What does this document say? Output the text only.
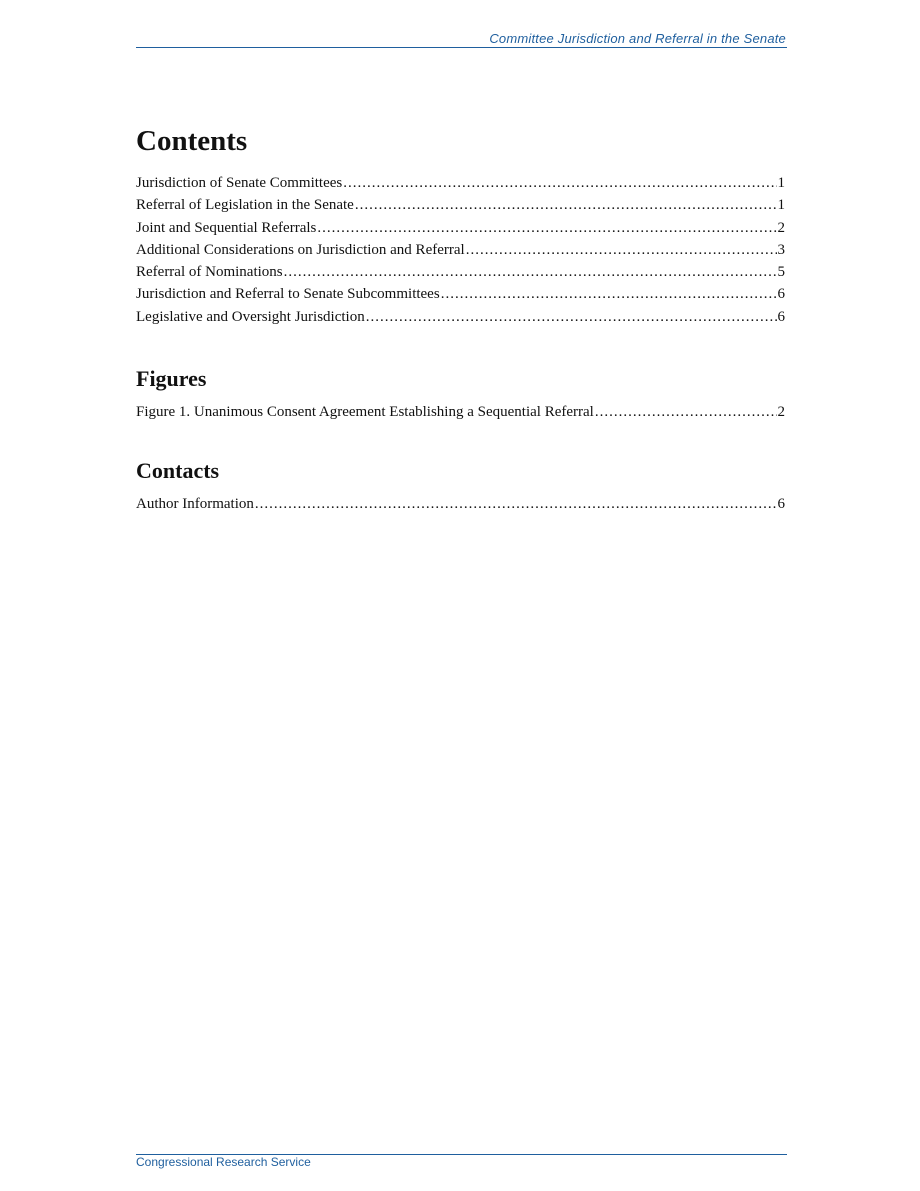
Committee Jurisdiction and Referral in the Senate
Contents
Jurisdiction of Senate Committees .....	1
Referral of Legislation in the Senate .....	1
Joint and Sequential Referrals .....	2
Additional Considerations on Jurisdiction and Referral .....	3
Referral of Nominations .....	5
Jurisdiction and Referral to Senate Subcommittees .....	6
Legislative and Oversight Jurisdiction .....	6
Figures
Figure 1. Unanimous Consent Agreement Establishing a Sequential Referral .....	2
Contacts
Author Information .....	6
Congressional Research Service
